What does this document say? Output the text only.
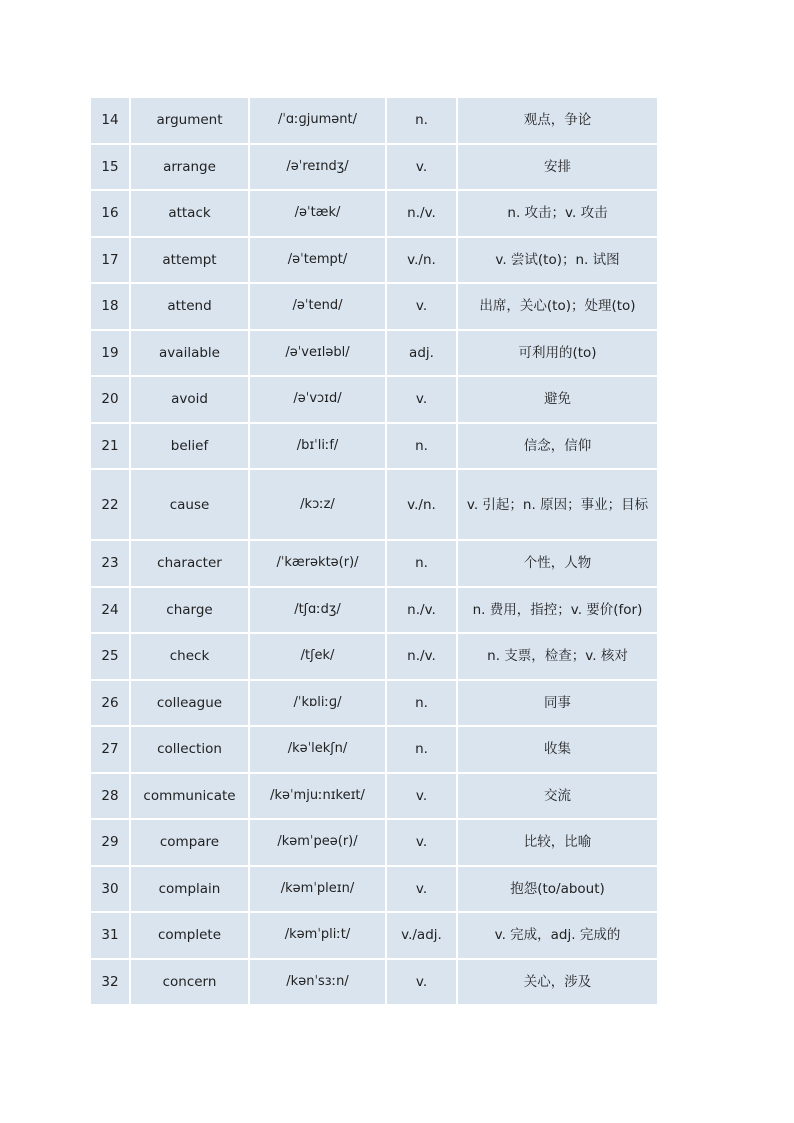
14	argument	/ˈɑːɡjumənt/	n.	观点，争论
15	arrange	/əˈreɪndʒ/	v.	安排
16	attack	/əˈtæk/	n./v.	n. 攻击；v. 攻击
17	attempt	/əˈtempt/	v./n.	v. 尝试(to)；n. 试图
18	attend	/əˈtend/	v.	出席，关心(to)；处理(to)
19	available	/əˈveɪləbl/	adj.	可利用的(to)
20	avoid	/əˈvɔɪd/	v.	避免
21	belief	/bɪˈliːf/	n.	信念，信仰
22	cause	/kɔːz/	v./n.	v. 引起；n. 原因；事业；目标
23	character	/ˈkærəktə(r)/	n.	个性，人物
24	charge	/tʃɑːdʒ/	n./v.	n. 费用，指控；v. 要价(for)
25	check	/tʃek/	n./v.	n. 支票，检查；v. 核对
26	colleague	/ˈkɒliːɡ/	n.	同事
27	collection	/kəˈlekʃn/	n.	收集
28	communicate	/kəˈmjuːnɪkeɪt/	v.	交流
29	compare	/kəmˈpeə(r)/	v.	比较，比喻
30	complain	/kəmˈpleɪn/	v.	抱怨(to/about)
31	complete	/kəmˈpliːt/	v./adj.	v. 完成，adj. 完成的
32	concern	/kənˈsɜːn/	v.	关心，涉及
